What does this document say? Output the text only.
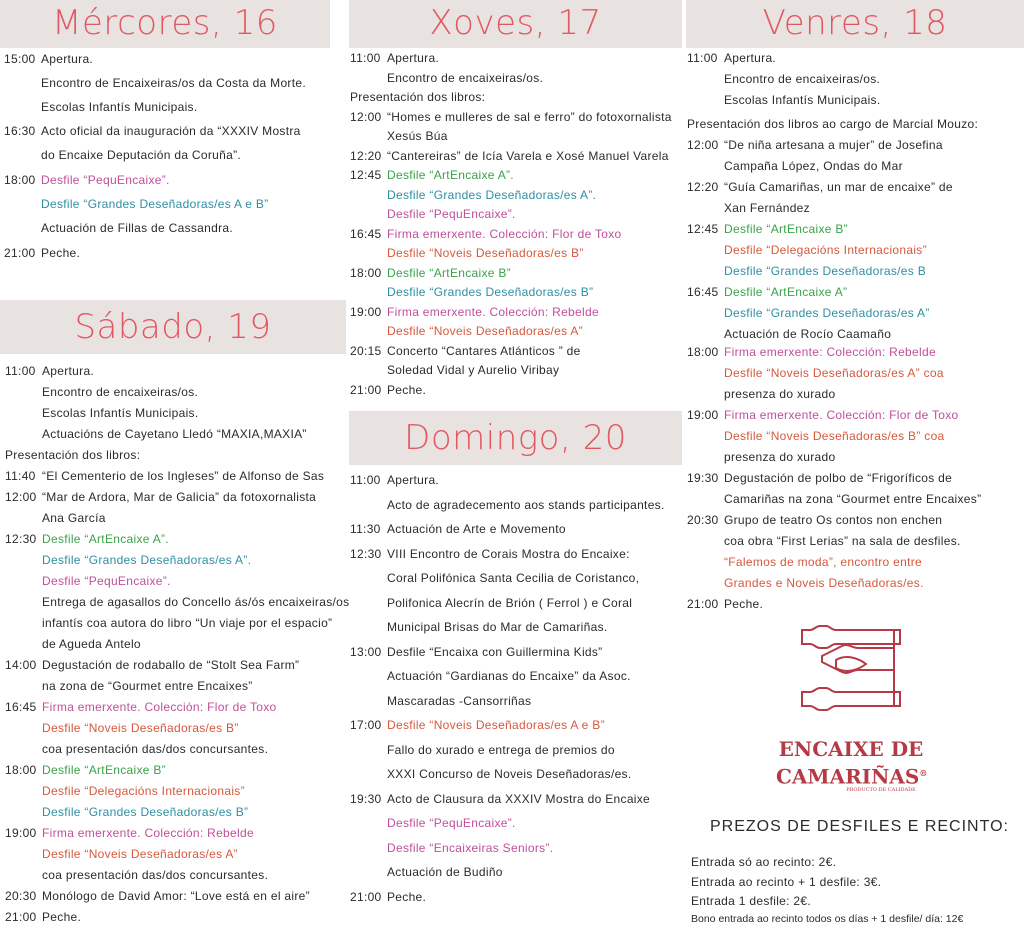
Mércores, 16
15:00 Apertura.
Encontro de Encaixeiras/os da Costa da Morte.
Escolas Infantís Municipais.
16:30 Acto oficial da inauguración da “XXXIV Mostra
do Encaixe Deputación da Coruña”.
18:00 Desfile “PequEncaixe”.
Desfile “Grandes Deseñadoras/es A e B”
Actuación de Fillas de Cassandra.
21:00 Peche.
Sábado, 19
11:00 Apertura.
Encontro de encaixeiras/os.
Escolas Infantís Municipais.
Actuacións de Cayetano Lledó “MAXIA,MAXIA”
Presentación dos libros:
11:40 “El Cementerio de los Ingleses” de Alfonso de Sas
12:00 “Mar de Ardora, Mar de Galicia” da fotoxornalista
Ana García
12:30 Desfile “ArtEncaixe A”.
Desfile “Grandes Deseñadoras/es A”.
Desfile “PequEncaixe”.
Entrega de agasallos do Concello ás/ós encaixeiras/os
infantís coa autora do libro “Un viaje por el espacio”
de Agueda Antelo
14:00 Degustación de rodaballo de “Stolt Sea Farm”
na zona de “Gourmet entre Encaixes”
16:45 Firma emerxente. Colección: Flor de Toxo
Desfile “Noveis Deseñadoras/es B”
coa presentación das/dos concursantes.
18:00 Desfile “ArtEncaixe B”
Desfile “Delegacións Internacionais”
Desfile “Grandes Deseñadoras/es B”
19:00 Firma emerxente. Colección: Rebelde
Desfile “Noveis Deseñadoras/es A”
coa presentación das/dos concursantes.
20:30 Monólogo de David Amor: “Love está en el aire”
21:00 Peche.
Xoves, 17
11:00 Apertura.
Encontro de encaixeiras/os.
Presentación dos libros:
12:00 “Homes e mulleres de sal e ferro” do fotoxornalista
Xesús Búa
12:20 “Cantereiras” de Icía Varela e Xosé Manuel Varela
12:45 Desfile “ArtEncaixe A”.
Desfile “Grandes Deseñadoras/es A”.
Desfile “PequEncaixe”.
16:45 Firma emerxente. Colección: Flor de Toxo
Desfile “Noveis Deseñadoras/es B”
18:00 Desfile “ArtEncaixe B”
Desfile “Grandes Deseñadoras/es B”
19:00 Firma emerxente. Colección: Rebelde
Desfile “Noveis Deseñadoras/es A”
20:15 Concerto “Cantares Atlánticos ” de
Soledad Vidal y Aurelio Viribay
21:00 Peche.
Domingo, 20
11:00 Apertura.
Acto de agradecemento aos stands participantes.
11:30 Actuación de Arte e Movemento
12:30 VIII Encontro de Corais Mostra do Encaixe:
Coral Polifónica Santa Cecilia de Coristanco,
Polifonica Alecrín de Brión ( Ferrol ) e Coral
Municipal Brisas do Mar de Camariñas.
13:00 Desfile “Encaixa con Guillermina Kids”
Actuación “Gardianas do Encaixe” da Asoc.
Mascaradas -Cansorriñas
17:00 Desfile “Noveis Deseñadoras/es A e B”
Fallo do xurado e entrega de premios do
XXXI Concurso de Noveis Deseñadoras/es.
19:30 Acto de Clausura da XXXIV Mostra do Encaixe
Desfile “PequEncaixe”.
Desfile “Encaixeiras Seniors”.
Actuación de Budiño
21:00 Peche.
Venres, 18
11:00 Apertura.
Encontro de encaixeiras/os.
Escolas Infantís Municipais.
Presentación dos libros ao cargo de Marcial Mouzo:
12:00 “De niña artesana a mujer” de Josefina
Campaña López, Ondas do Mar
12:20 “Guía Camariñas, un mar de encaixe” de
Xan Fernández
12:45 Desfile “ArtEncaixe B”
Desfile “Delegacións Internacionais”
Desfile “Grandes Deseñadoras/es B
16:45 Desfile “ArtEncaixe A”
Desfile “Grandes Deseñadoras/es A”
Actuación de Rocío Caamaño
18:00 Firma emerxente: Colección: Rebelde
Desfile “Noveis Deseñadoras/es A” coa
presenza do xurado
19:00 Firma emerxente. Colección: Flor de Toxo
Desfile “Noveis Deseñadoras/es B” coa
presenza do xurado
19:30 Degustación de polbo de “Frigoríficos de
Camariñas na zona “Gourmet entre Encaixes”
20:30 Grupo de teatro Os contos non enchen
coa obra “First Lerias” na sala de desfiles.
“Falemos de moda”, encontro entre
Grandes e Noveis Deseñadoras/es.
21:00 Peche.
ENCAIXE DE
CAMARIÑAS®
PRODUCTO DE CALIDADE
PREZOS DE DESFILES E RECINTO:
Entrada só ao recinto: 2€.
Entrada ao recinto + 1 desfile: 3€.
Entrada 1 desfile: 2€.
Bono entrada ao recinto todos os días + 1 desfile/ día: 12€
